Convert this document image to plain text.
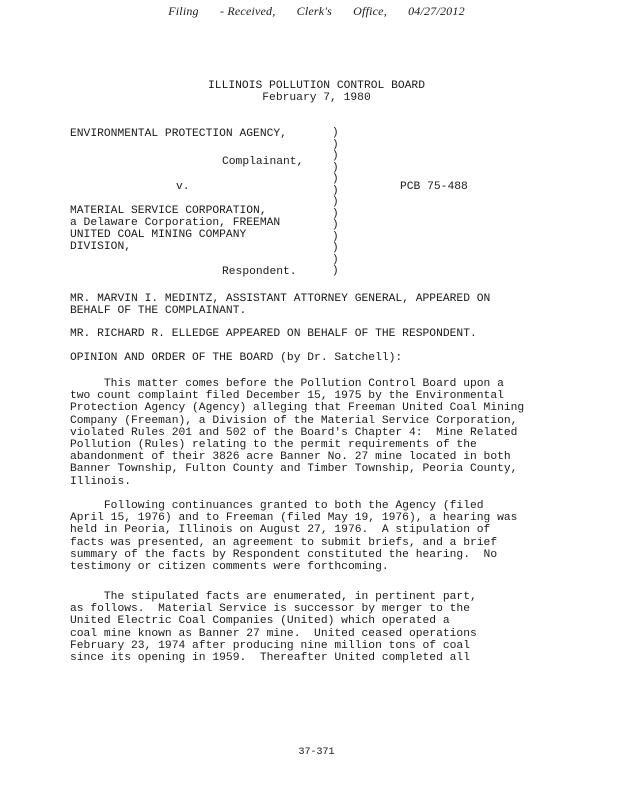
Filing - Received, Clerk's Office, 04/27/2012
ILLINOIS POLLUTION CONTROL BOARD
February 7, 1980
ENVIRONMENTAL PROTECTION AGENCY,
Complainant,
v.	PCB 75-488
MATERIAL SERVICE CORPORATION,
a Delaware Corporation, FREEMAN
UNITED COAL MINING COMPANY
DIVISION,
Respondent.
)
)
)
)
)
)
)
)
)
)
)
)
)

MR. MARVIN I. MEDINTZ, ASSISTANT ATTORNEY GENERAL, APPEARED ON

BEHALF OF THE COMPLAINANT.

MR. RICHARD R. ELLEDGE APPEARED ON BEHALF OF THE RESPONDENT.

OPINION AND ORDER OF THE BOARD (by Dr. Satchell):

This matter comes before the Pollution Control Board upon a

two count complaint filed December 15, 1975 by the Environmental

Protection Agency (Agency) alleging that Freeman United Coal Mining

Company (Freeman), a Division of the Material Service Corporation,

violated Rules 201 and 502 of the Board's Chapter 4:  Mine Related

Pollution (Rules) relating to the permit requirements of the

abandonment of their 3826 acre Banner No. 27 mine located in both

Banner Township, Fulton County and Timber Township, Peoria County,

Illinois.

Following continuances granted to both the Agency (filed

April 15, 1976) and to Freeman (filed May 19, 1976), a hearing was

held in Peoria, Illinois on August 27, 1976.  A stipulation of

facts was presented, an agreement to submit briefs, and a brief

summary of the facts by Respondent constituted the hearing.  No

testimony or citizen comments were forthcoming.

The stipulated facts are enumerated, in pertinent part,

as follows.  Material Service is successor by merger to the

United Electric Coal Companies (United) which operated a

coal mine known as Banner 27 mine.  United ceased operations

February 23, 1974 after producing nine million tons of coal

since its opening in 1959.  Thereafter United completed all

37-371
